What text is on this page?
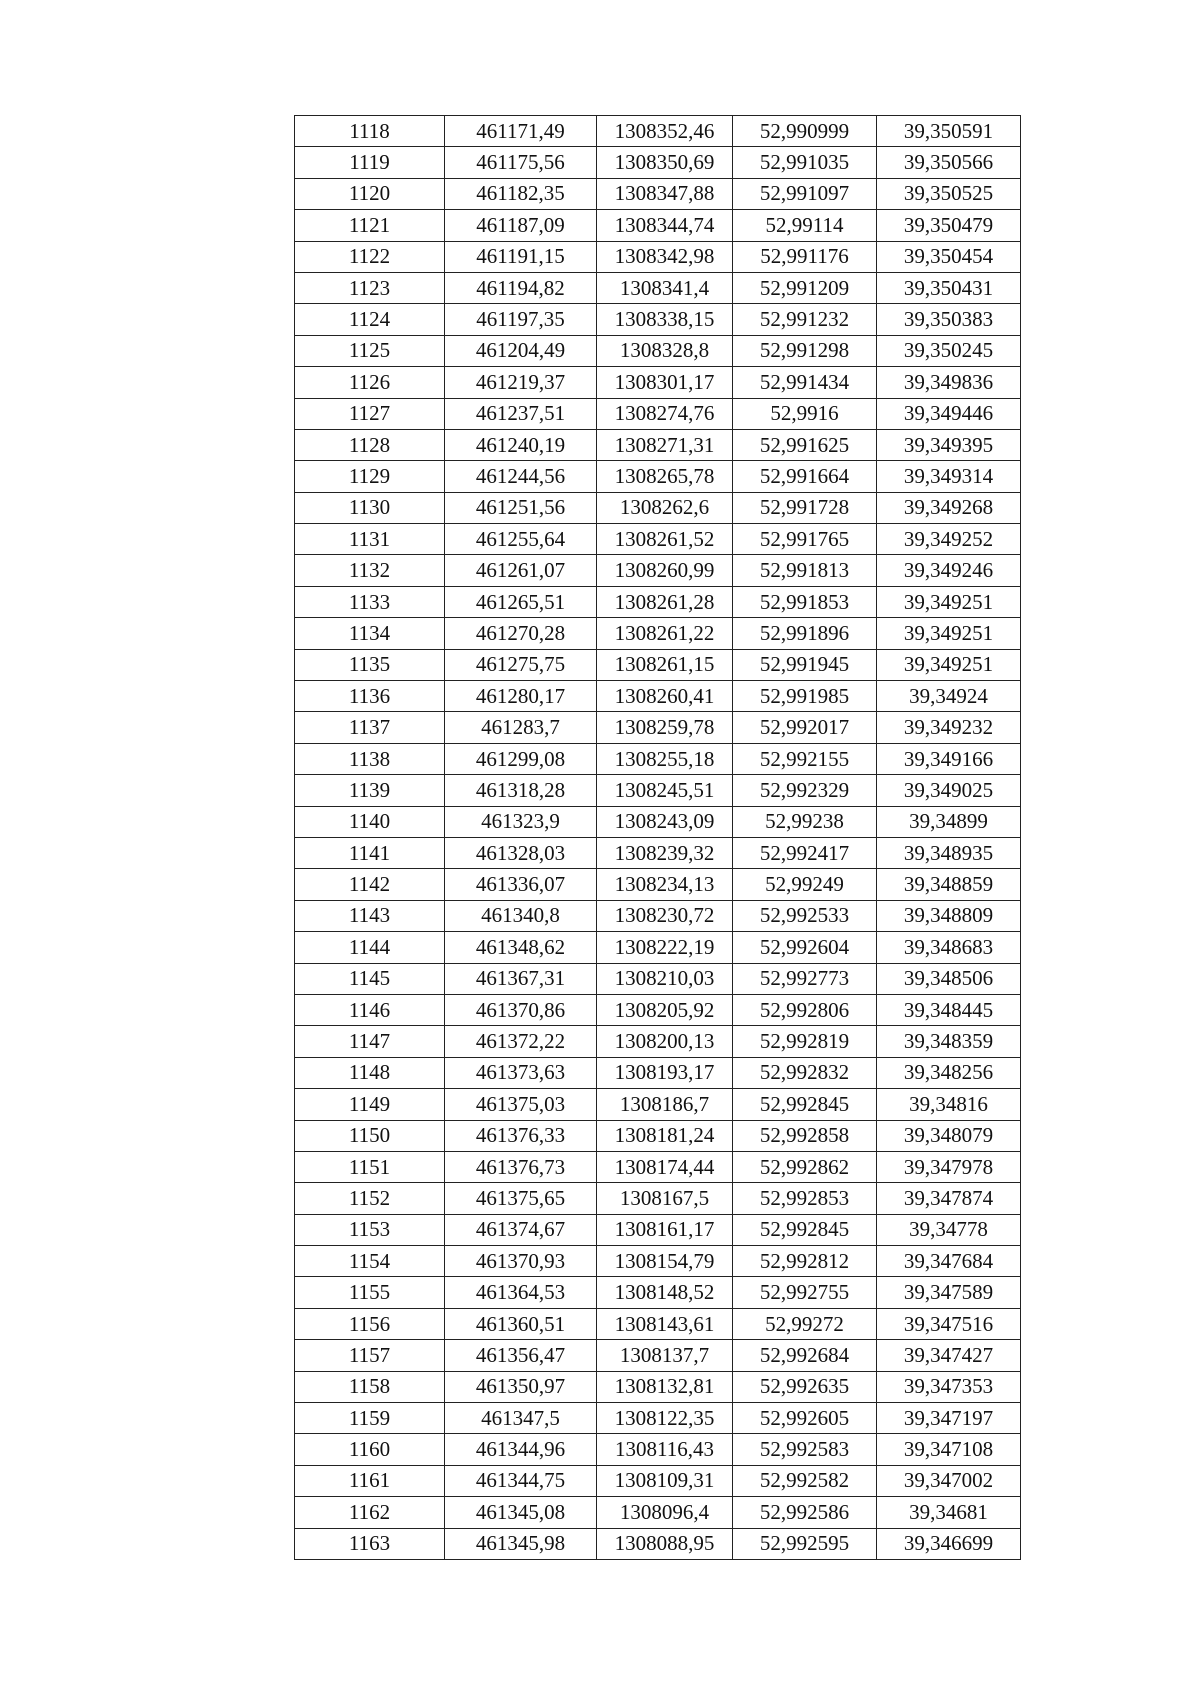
1118	461171,49	1308352,46	52,990999	39,350591
1119	461175,56	1308350,69	52,991035	39,350566
1120	461182,35	1308347,88	52,991097	39,350525
1121	461187,09	1308344,74	52,99114	39,350479
1122	461191,15	1308342,98	52,991176	39,350454
1123	461194,82	1308341,4	52,991209	39,350431
1124	461197,35	1308338,15	52,991232	39,350383
1125	461204,49	1308328,8	52,991298	39,350245
1126	461219,37	1308301,17	52,991434	39,349836
1127	461237,51	1308274,76	52,9916	39,349446
1128	461240,19	1308271,31	52,991625	39,349395
1129	461244,56	1308265,78	52,991664	39,349314
1130	461251,56	1308262,6	52,991728	39,349268
1131	461255,64	1308261,52	52,991765	39,349252
1132	461261,07	1308260,99	52,991813	39,349246
1133	461265,51	1308261,28	52,991853	39,349251
1134	461270,28	1308261,22	52,991896	39,349251
1135	461275,75	1308261,15	52,991945	39,349251
1136	461280,17	1308260,41	52,991985	39,34924
1137	461283,7	1308259,78	52,992017	39,349232
1138	461299,08	1308255,18	52,992155	39,349166
1139	461318,28	1308245,51	52,992329	39,349025
1140	461323,9	1308243,09	52,99238	39,34899
1141	461328,03	1308239,32	52,992417	39,348935
1142	461336,07	1308234,13	52,99249	39,348859
1143	461340,8	1308230,72	52,992533	39,348809
1144	461348,62	1308222,19	52,992604	39,348683
1145	461367,31	1308210,03	52,992773	39,348506
1146	461370,86	1308205,92	52,992806	39,348445
1147	461372,22	1308200,13	52,992819	39,348359
1148	461373,63	1308193,17	52,992832	39,348256
1149	461375,03	1308186,7	52,992845	39,34816
1150	461376,33	1308181,24	52,992858	39,348079
1151	461376,73	1308174,44	52,992862	39,347978
1152	461375,65	1308167,5	52,992853	39,347874
1153	461374,67	1308161,17	52,992845	39,34778
1154	461370,93	1308154,79	52,992812	39,347684
1155	461364,53	1308148,52	52,992755	39,347589
1156	461360,51	1308143,61	52,99272	39,347516
1157	461356,47	1308137,7	52,992684	39,347427
1158	461350,97	1308132,81	52,992635	39,347353
1159	461347,5	1308122,35	52,992605	39,347197
1160	461344,96	1308116,43	52,992583	39,347108
1161	461344,75	1308109,31	52,992582	39,347002
1162	461345,08	1308096,4	52,992586	39,34681
1163	461345,98	1308088,95	52,992595	39,346699
